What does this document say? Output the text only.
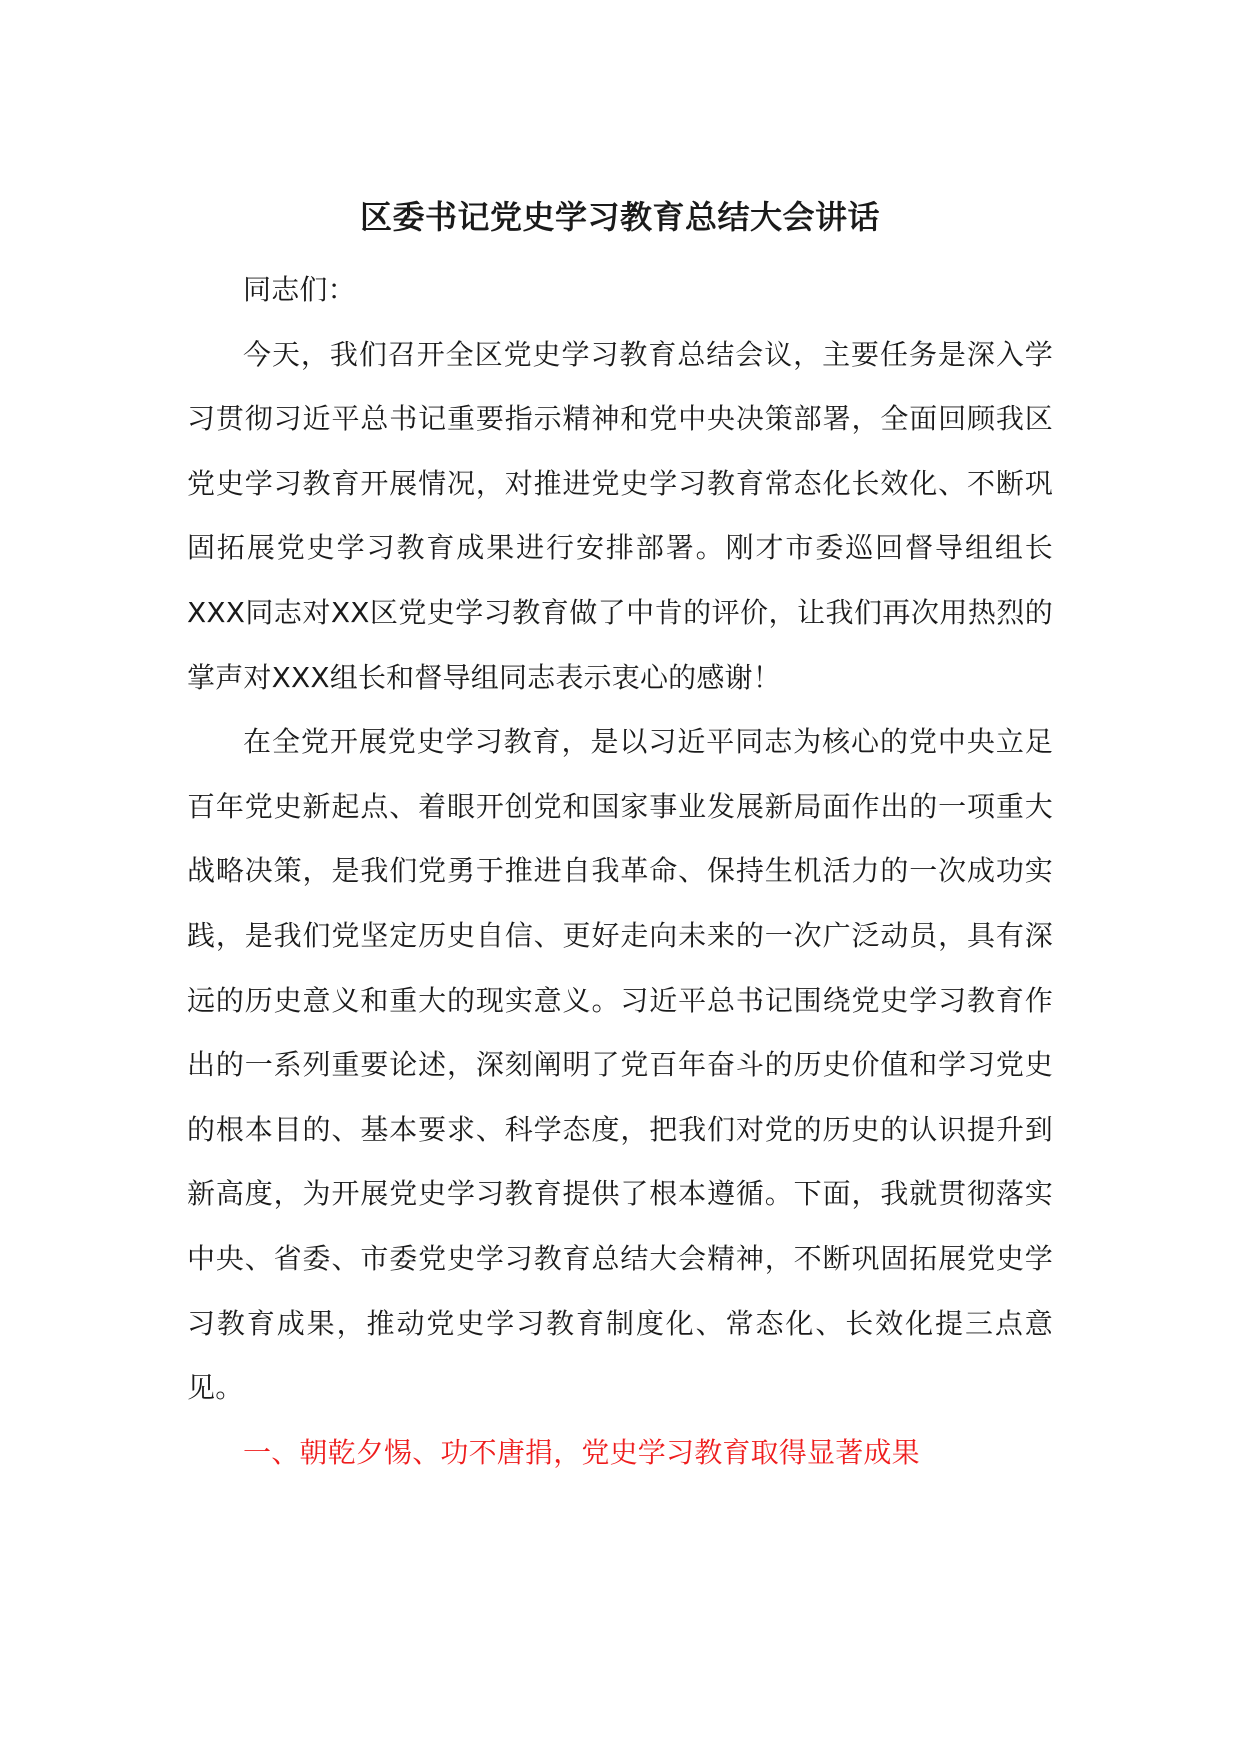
区委书记党史学习教育总结大会讲话

同志们：

今天，我们召开全区党史学习教育总结会议，主要任务是深入学习贯彻习近平总书记重要指示精神和党中央决策部署，全面回顾我区党史学习教育开展情况，对推进党史学习教育常态化长效化、不断巩固拓展党史学习教育成果进行安排部署。刚才市委巡回督导组组长XXX同志对XX区党史学习教育做了中肯的评价，让我们再次用热烈的掌声对XXX组长和督导组同志表示衷心的感谢！

在全党开展党史学习教育，是以习近平同志为核心的党中央立足百年党史新起点、着眼开创党和国家事业发展新局面作出的一项重大战略决策，是我们党勇于推进自我革命、保持生机活力的一次成功实践，是我们党坚定历史自信、更好走向未来的一次广泛动员，具有深远的历史意义和重大的现实意义。习近平总书记围绕党史学习教育作出的一系列重要论述，深刻阐明了党百年奋斗的历史价值和学习党史的根本目的、基本要求、科学态度，把我们对党的历史的认识提升到新高度，为开展党史学习教育提供了根本遵循。下面，我就贯彻落实中央、省委、市委党史学习教育总结大会精神，不断巩固拓展党史学习教育成果，推动党史学习教育制度化、常态化、长效化提三点意见。

一、朝乾夕惕、功不唐捐，党史学习教育取得显著成果
